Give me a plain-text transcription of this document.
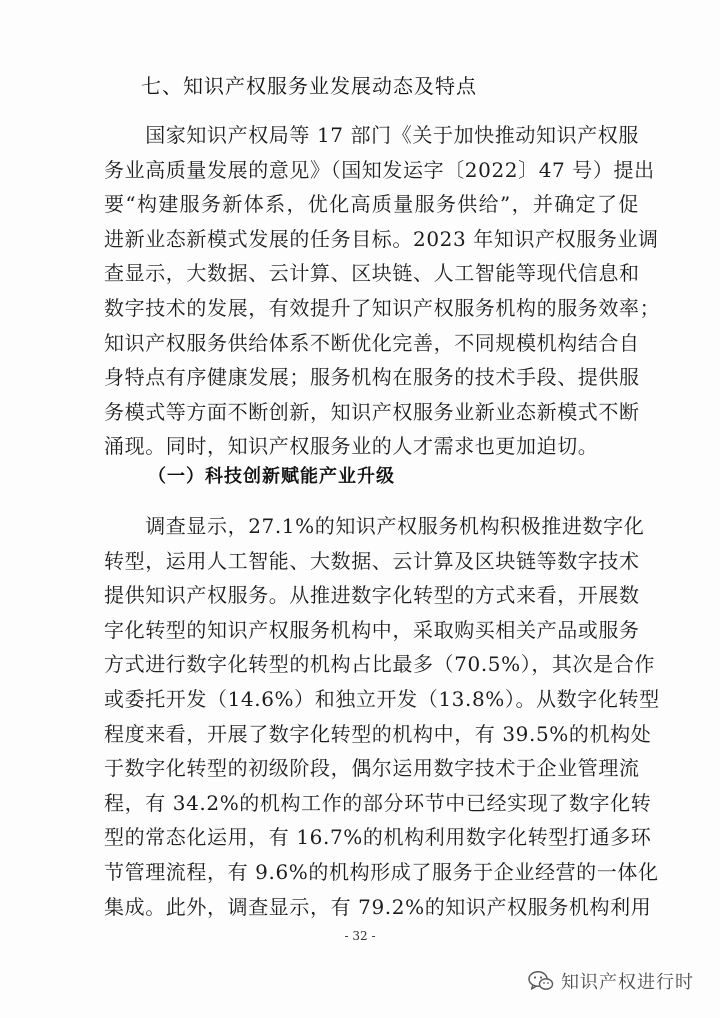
七、知识产权服务业发展动态及特点
　　国家知识产权局等 17 部门《关于加快推动知识产权服
务业高质量发展的意见》（国知发运字〔2022〕47 号）提出
要“构建服务新体系，优化高质量服务供给”，并确定了促
进新业态新模式发展的任务目标。2023 年知识产权服务业调
查显示，大数据、云计算、区块链、人工智能等现代信息和
数字技术的发展，有效提升了知识产权服务机构的服务效率；
知识产权服务供给体系不断优化完善，不同规模机构结合自
身特点有序健康发展；服务机构在服务的技术手段、提供服
务模式等方面不断创新，知识产权服务业新业态新模式不断
涌现。同时，知识产权服务业的人才需求也更加迫切。
（一）科技创新赋能产业升级
　　调查显示，27.1%的知识产权服务机构积极推进数字化
转型，运用人工智能、大数据、云计算及区块链等数字技术
提供知识产权服务。从推进数字化转型的方式来看，开展数
字化转型的知识产权服务机构中，采取购买相关产品或服务
方式进行数字化转型的机构占比最多（70.5%），其次是合作
或委托开发（14.6%）和独立开发（13.8%）。从数字化转型
程度来看，开展了数字化转型的机构中，有 39.5%的机构处
于数字化转型的初级阶段，偶尔运用数字技术于企业管理流
程，有 34.2%的机构工作的部分环节中已经实现了数字化转
型的常态化运用，有 16.7%的机构利用数字化转型打通多环
节管理流程，有 9.6%的机构形成了服务于企业经营的一体化
集成。此外，调查显示，有 79.2%的知识产权服务机构利用
- 32 -
知识产权进行时
